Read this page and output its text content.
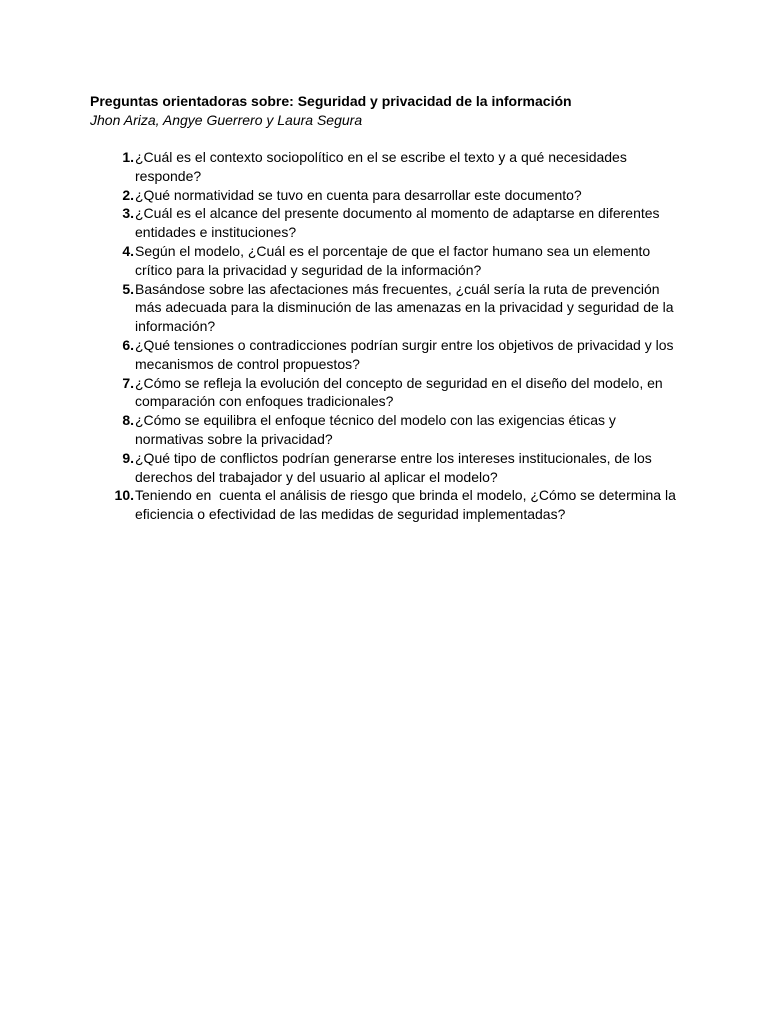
Preguntas orientadoras sobre: Seguridad y privacidad de la información

Jhon Ariza, Angye Guerrero y Laura Segura

1. ¿Cuál es el contexto sociopolítico en el se escribe el texto y a qué necesidades
responde?
2. ¿Qué normatividad se tuvo en cuenta para desarrollar este documento?
3. ¿Cuál es el alcance del presente documento al momento de adaptarse en diferentes
entidades e instituciones?
4. Según el modelo, ¿Cuál es el porcentaje de que el factor humano sea un elemento
crítico para la privacidad y seguridad de la información?
5. Basándose sobre las afectaciones más frecuentes, ¿cuál sería la ruta de prevención
más adecuada para la disminución de las amenazas en la privacidad y seguridad de la
información?
6. ¿Qué tensiones o contradicciones podrían surgir entre los objetivos de privacidad y los
mecanismos de control propuestos?
7. ¿Cómo se refleja la evolución del concepto de seguridad en el diseño del modelo, en
comparación con enfoques tradicionales?
8. ¿Cómo se equilibra el enfoque técnico del modelo con las exigencias éticas y
normativas sobre la privacidad?
9. ¿Qué tipo de conflictos podrían generarse entre los intereses institucionales, de los
derechos del trabajador y del usuario al aplicar el modelo?
10. Teniendo en  cuenta el análisis de riesgo que brinda el modelo, ¿Cómo se determina la
eficiencia o efectividad de las medidas de seguridad implementadas?
